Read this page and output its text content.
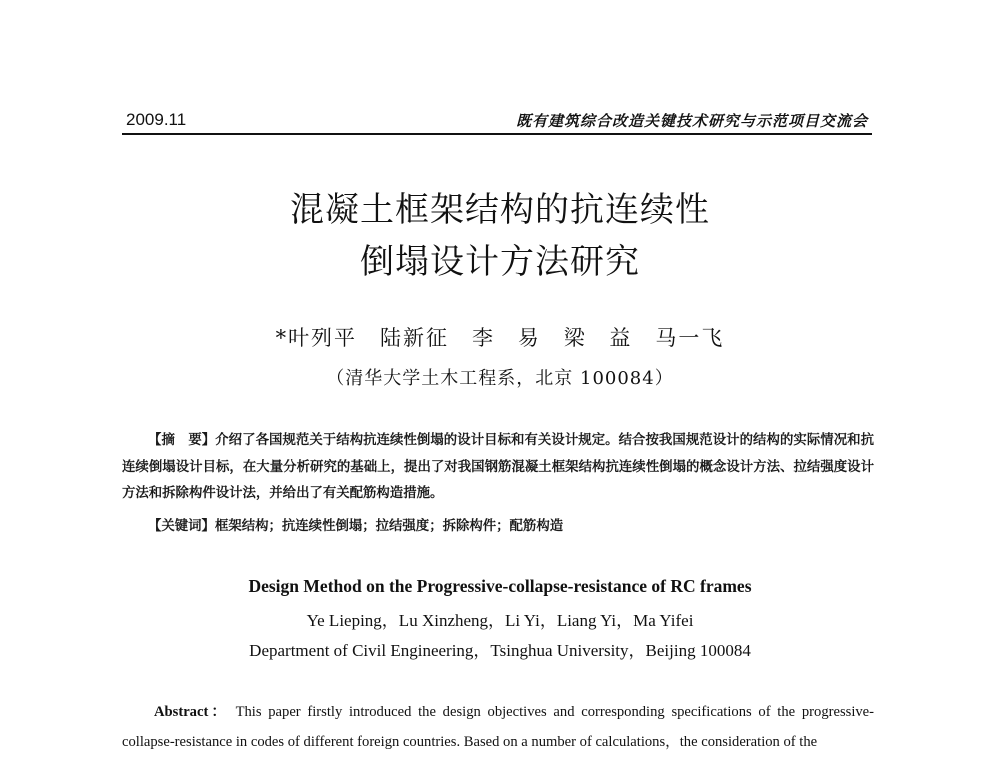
2009.11	既有建筑综合改造关键技术研究与示范项目交流会
混凝土框架结构的抗连续性
倒塌设计方法研究
*叶列平　陆新征　李 易　梁 益　马一飞
（清华大学土木工程系，北京 100084）
【摘　要】介绍了各国规范关于结构抗连续性倒塌的设计目标和有关设计规定。结合按我国规范设计的结构的实际情况和抗连续倒塌设计目标，在大量分析研究的基础上，提出了对我国钢筋混凝土框架结构抗连续性倒塌的概念设计方法、拉结强度设计方法和拆除构件设计法，并给出了有关配筋构造措施。
【关键词】框架结构；抗连续性倒塌；拉结强度；拆除构件；配筋构造
Design Method on the Progressive-collapse-resistance of RC frames
Ye Lieping，Lu Xinzheng，Li Yi，Liang Yi，Ma Yifei
Department of Civil Engineering，Tsinghua University，Beijing 100084
Abstract： This paper firstly introduced the design objectives and corresponding specifications of the progressive-collapse-resistance in codes of different foreign countries. Based on a number of calculations，the consideration of the
